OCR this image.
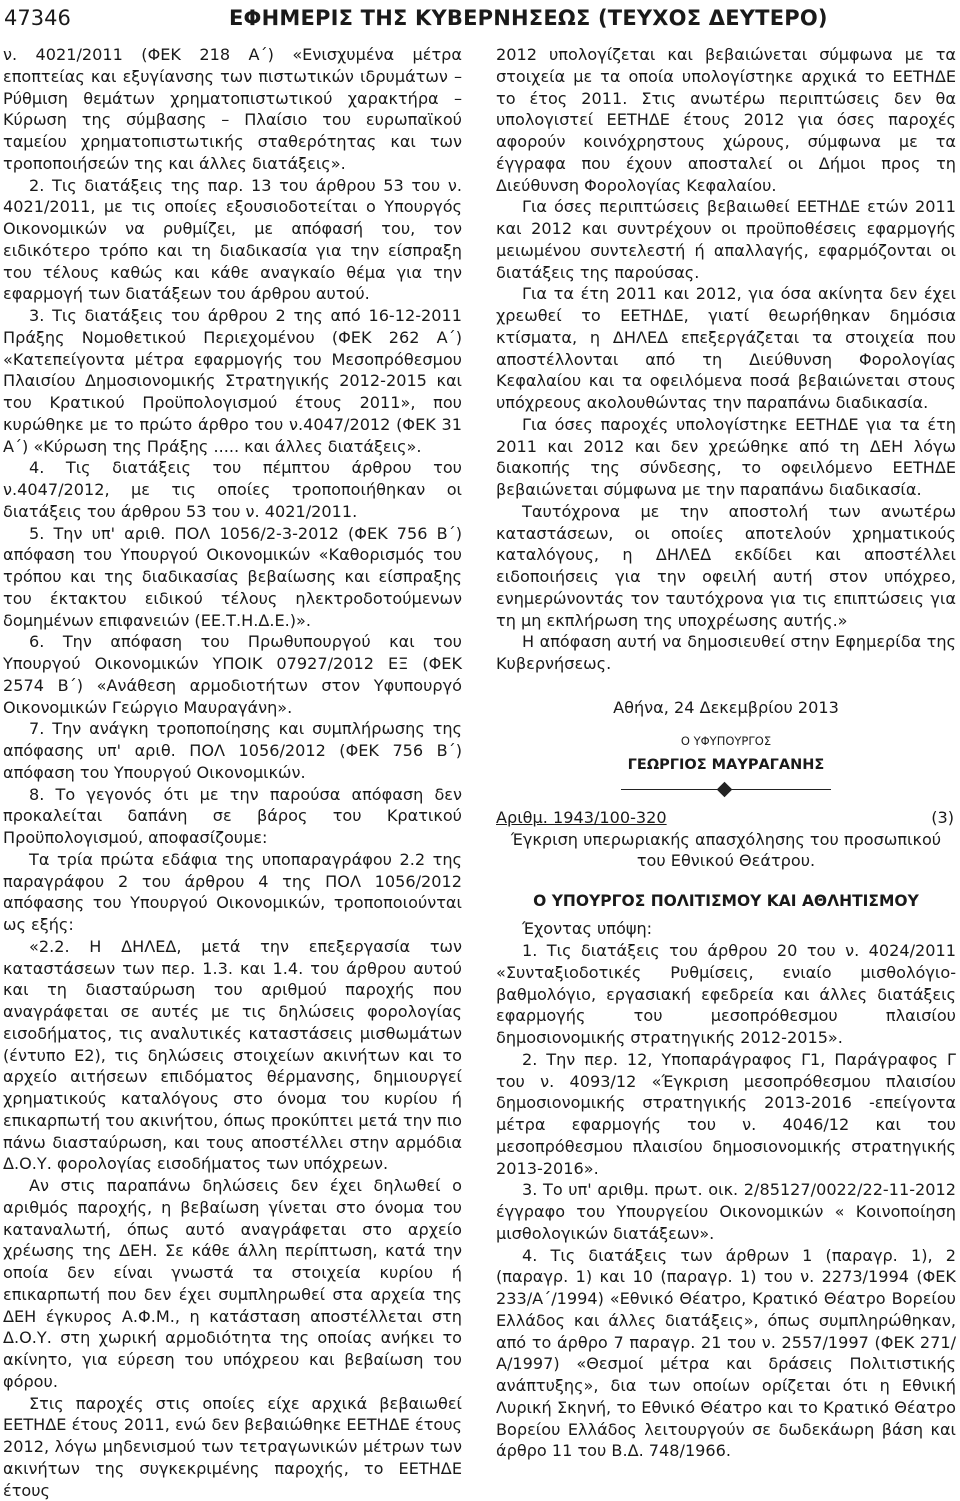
47346	ΕΦΗΜΕΡΙΣ ΤΗΣ ΚΥΒΕΡΝΗΣΕΩΣ (ΤΕΥΧΟΣ ΔΕΥΤΕΡΟ)

ν. 4021/2011 (ΦΕΚ 218 Α΄) «Ενισχυμένα μέτρα εποπτείας και εξυγίανσης των πιστωτικών ιδρυμάτων – Ρύθμιση θεμάτων χρηματοπιστωτικού χαρακτήρα – Κύρωση της σύμβασης – Πλαίσιο του ευρωπαϊκού ταμείου χρηματοπιστωτικής σταθερότητας και των τροποποιήσεών της και άλλες διατάξεις».

2. Τις διατάξεις της παρ. 13 του άρθρου 53 του ν. 4021/2011, με τις οποίες εξουσιοδοτείται ο Υπουργός Οικονομικών να ρυθμίζει, με απόφασή του, τον ειδικότερο τρόπο και τη διαδικασία για την είσπραξη του τέλους καθώς και κάθε αναγκαίο θέμα για την εφαρμογή των διατάξεων του άρθρου αυτού.

3. Τις διατάξεις του άρθρου 2 της από 16-12-2011 Πράξης Νομοθετικού Περιεχομένου (ΦΕΚ 262 Α΄) «Κατεπείγοντα μέτρα εφαρμογής του Μεσοπρόθεσμου Πλαισίου Δημοσιονομικής Στρατηγικής 2012-2015 και του Κρατικού Προϋπολογισμού έτους 2011», που κυρώθηκε με το πρώτο άρθρο του ν.4047/2012 (ΦΕΚ 31 Α΄) «Κύρωση της Πράξης ..... και άλλες διατάξεις».

4. Τις διατάξεις του πέμπτου άρθρου του ν.4047/2012, με τις οποίες τροποποιήθηκαν οι διατάξεις του άρθρου 53 του ν. 4021/2011.

5. Την υπ' αριθ. ΠΟΛ 1056/2-3-2012 (ΦΕΚ 756 Β΄) απόφαση του Υπουργού Οικονομικών «Καθορισμός του τρόπου και της διαδικασίας βεβαίωσης και είσπραξης του έκτακτου ειδικού τέλους ηλεκτροδοτούμενων δομημένων επιφανειών (ΕΕ.Τ.Η.Δ.Ε.)».

6. Την απόφαση του Πρωθυπουργού και του Υπουργού Οικονομικών ΥΠΟΙΚ 07927/2012 ΕΞ (ΦΕΚ 2574 Β΄) «Ανάθεση αρμοδιοτήτων στον Υφυπουργό Οικονομικών Γεώργιο Μαυραγάνη».

7. Την ανάγκη τροποποίησης και συμπλήρωσης της απόφασης υπ' αριθ. ΠΟΛ 1056/2012 (ΦΕΚ 756 Β΄) απόφαση του Υπουργού Οικονομικών.

8. Το γεγονός ότι με την παρούσα απόφαση δεν προκαλείται δαπάνη σε βάρος του Κρατικού Προϋπολογισμού, αποφασίζουμε:

Τα τρία πρώτα εδάφια της υποπαραγράφου 2.2 της παραγράφου 2 του άρθρου 4 της ΠΟΛ 1056/2012 απόφασης του Υπουργού Οικονομικών, τροποποιούνται ως εξής:

«2.2. Η ΔΗΛΕΔ, μετά την επεξεργασία των καταστάσεων των περ. 1.3. και 1.4. του άρθρου αυτού και τη διασταύρωση του αριθμού παροχής που αναγράφεται σε αυτές με τις δηλώσεις φορολογίας εισοδήματος, τις αναλυτικές καταστάσεις μισθωμάτων (έντυπο Ε2), τις δηλώσεις στοιχείων ακινήτων και το αρχείο αιτήσεων επιδόματος θέρμανσης, δημιουργεί χρηματικούς καταλόγους στο όνομα του κυρίου ή επικαρπωτή του ακινήτου, όπως προκύπτει μετά την πιο πάνω διασταύρωση, και τους αποστέλλει στην αρμόδια Δ.Ο.Υ. φορολογίας εισοδήματος των υπόχρεων.

Αν στις παραπάνω δηλώσεις δεν έχει δηλωθεί ο αριθμός παροχής, η βεβαίωση γίνεται στο όνομα του καταναλωτή, όπως αυτό αναγράφεται στο αρχείο χρέωσης της ΔΕΗ. Σε κάθε άλλη περίπτωση, κατά την οποία δεν είναι γνωστά τα στοιχεία κυρίου ή επικαρπωτή που δεν έχει συμπληρωθεί στα αρχεία της ΔΕΗ έγκυρος Α.Φ.Μ., η κατάσταση αποστέλλεται στη Δ.Ο.Υ. στη χωρική αρμοδιότητα της οποίας ανήκει το ακίνητο, για εύρεση του υπόχρεου και βεβαίωση του φόρου.

Στις παροχές στις οποίες είχε αρχικά βεβαιωθεί ΕΕΤΗΔΕ έτους 2011, ενώ δεν βεβαιώθηκε ΕΕΤΗΔΕ έτους 2012, λόγω μηδενισμού των τετραγωνικών μέτρων των ακινήτων της συγκεκριμένης παροχής, το ΕΕΤΗΔΕ έτους

2012 υπολογίζεται και βεβαιώνεται σύμφωνα με τα στοιχεία με τα οποία υπολογίστηκε αρχικά το ΕΕΤΗΔΕ το έτος 2011. Στις ανωτέρω περιπτώσεις δεν θα υπολογιστεί ΕΕΤΗΔΕ έτους 2012 για όσες παροχές αφορούν κοινόχρηστους χώρους, σύμφωνα με τα έγγραφα που έχουν αποσταλεί οι Δήμοι προς τη Διεύθυνση Φορολογίας Κεφαλαίου.

Για όσες περιπτώσεις βεβαιωθεί ΕΕΤΗΔΕ ετών 2011 και 2012 και συντρέχουν οι προϋποθέσεις εφαρμογής μειωμένου συντελεστή ή απαλλαγής, εφαρμόζονται οι διατάξεις της παρούσας.

Για τα έτη 2011 και 2012, για όσα ακίνητα δεν έχει χρεωθεί το ΕΕΤΗΔΕ, γιατί θεωρήθηκαν δημόσια κτίσματα, η ΔΗΛΕΔ επεξεργάζεται τα στοιχεία που αποστέλλονται από τη Διεύθυνση Φορολογίας Κεφαλαίου και τα οφειλόμενα ποσά βεβαιώνεται στους υπόχρεους ακολουθώντας την παραπάνω διαδικασία.

Για όσες παροχές υπολογίστηκε ΕΕΤΗΔΕ για τα έτη 2011 και 2012 και δεν χρεώθηκε από τη ΔΕΗ λόγω διακοπής της σύνδεσης, το οφειλόμενο ΕΕΤΗΔΕ βεβαιώνεται σύμφωνα με την παραπάνω διαδικασία.

Ταυτόχρονα με την αποστολή των ανωτέρω καταστάσεων, οι οποίες αποτελούν χρηματικούς καταλόγους, η ΔΗΛΕΔ εκδίδει και αποστέλλει ειδοποιήσεις για την οφειλή αυτή στον υπόχρεο, ενημερώνοντάς τον ταυτόχρονα για τις επιπτώσεις για τη μη εκπλήρωση της υποχρέωσης αυτής.»

Η απόφαση αυτή να δημοσιευθεί στην Εφημερίδα της Κυβερνήσεως.

Αθήνα, 24 Δεκεμβρίου 2013

Ο ΥΦΥΠΟΥΡΓΟΣ

ΓΕΩΡΓΙΟΣ ΜΑΥΡΑΓΑΝΗΣ

Αριθμ. 1943/100-320	(3)

Έγκριση υπερωριακής απασχόλησης του προσωπικού του Εθνικού Θεάτρου.

Ο ΥΠΟΥΡΓΟΣ ΠΟΛΙΤΙΣΜΟΥ ΚΑΙ ΑΘΛΗΤΙΣΜΟΥ

Έχοντας υπόψη:

1. Τις διατάξεις του άρθρου 20 του ν. 4024/2011 «Συνταξιοδοτικές Ρυθμίσεις, ενιαίο μισθολόγιο-βαθμολόγιο, εργασιακή εφεδρεία και άλλες διατάξεις εφαρμογής του μεσοπρόθεσμου πλαισίου δημοσιονομικής στρατηγικής 2012-2015».

2. Την περ. 12, Υποπαράγραφος Γ1, Παράγραφος Γ του ν. 4093/12 «Έγκριση μεσοπρόθεσμου πλαισίου δημοσιονομικής στρατηγικής 2013-2016 -επείγοντα μέτρα εφαρμογής του ν. 4046/12 και του μεσοπρόθεσμου πλαισίου δημοσιονομικής στρατηγικής 2013-2016».

3. Το υπ' αριθμ. πρωτ. οικ. 2/85127/0022/22-11-2012 έγγραφο του Υπουργείου Οικονομικών « Κοινοποίηση μισθολογικών διατάξεων».

4. Τις διατάξεις των άρθρων 1 (παραγρ. 1), 2 (παραγρ. 1) και 10 (παραγρ. 1) του ν. 2273/1994 (ΦΕΚ 233/Α΄/1994) «Εθνικό Θέατρο, Κρατικό Θέατρο Βορείου Ελλάδος και άλλες διατάξεις», όπως συμπληρώθηκαν, από το άρθρο 7 παραγρ. 21 του ν. 2557/1997 (ΦΕΚ 271/Α/1997) «Θεσμοί μέτρα και δράσεις Πολιτιστικής ανάπτυξης», δια των οποίων ορίζεται ότι η Εθνική Λυρική Σκηνή, το Εθνικό Θέατρο και το Κρατικό Θέατρο Βορείου Ελλάδος λειτουργούν σε δωδεκάωρη βάση και άρθρο 11 του Β.Δ. 748/1966.
